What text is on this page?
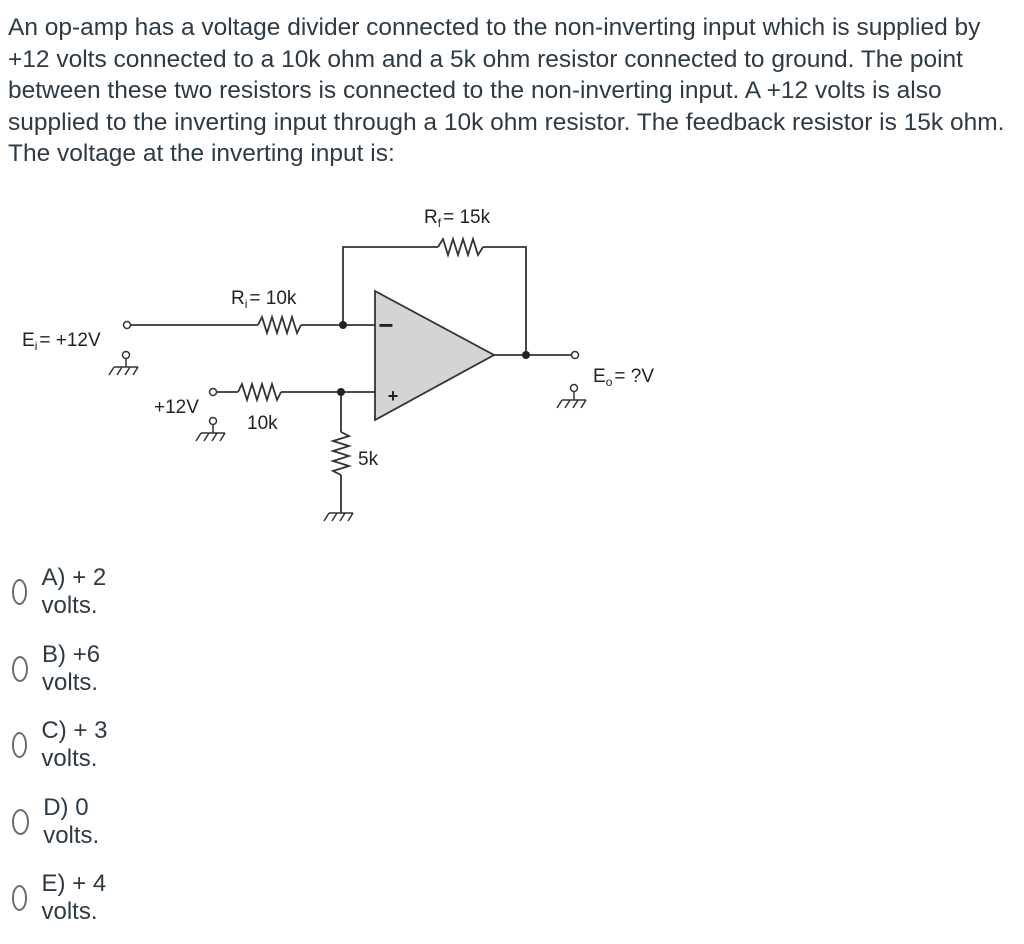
An op-amp has a voltage divider connected to the non-inverting input which is supplied by +12 volts connected to a 10k ohm and a 5k ohm resistor connected to ground. The point between these two resistors is connected to the non-inverting input. A +12 volts is also supplied to the inverting input through a 10k ohm resistor. The feedback resistor is 15k ohm. The voltage at the inverting input is:

−
+
$R_f = 15k$
$R_i = 10k$
$E_i = +12V$
$E_o$ = ?V
+12V
10k
5k
A) + 2 volts.
B) +6 volts.
C) + 3 volts.
D) 0 volts.
E) + 4 volts.
